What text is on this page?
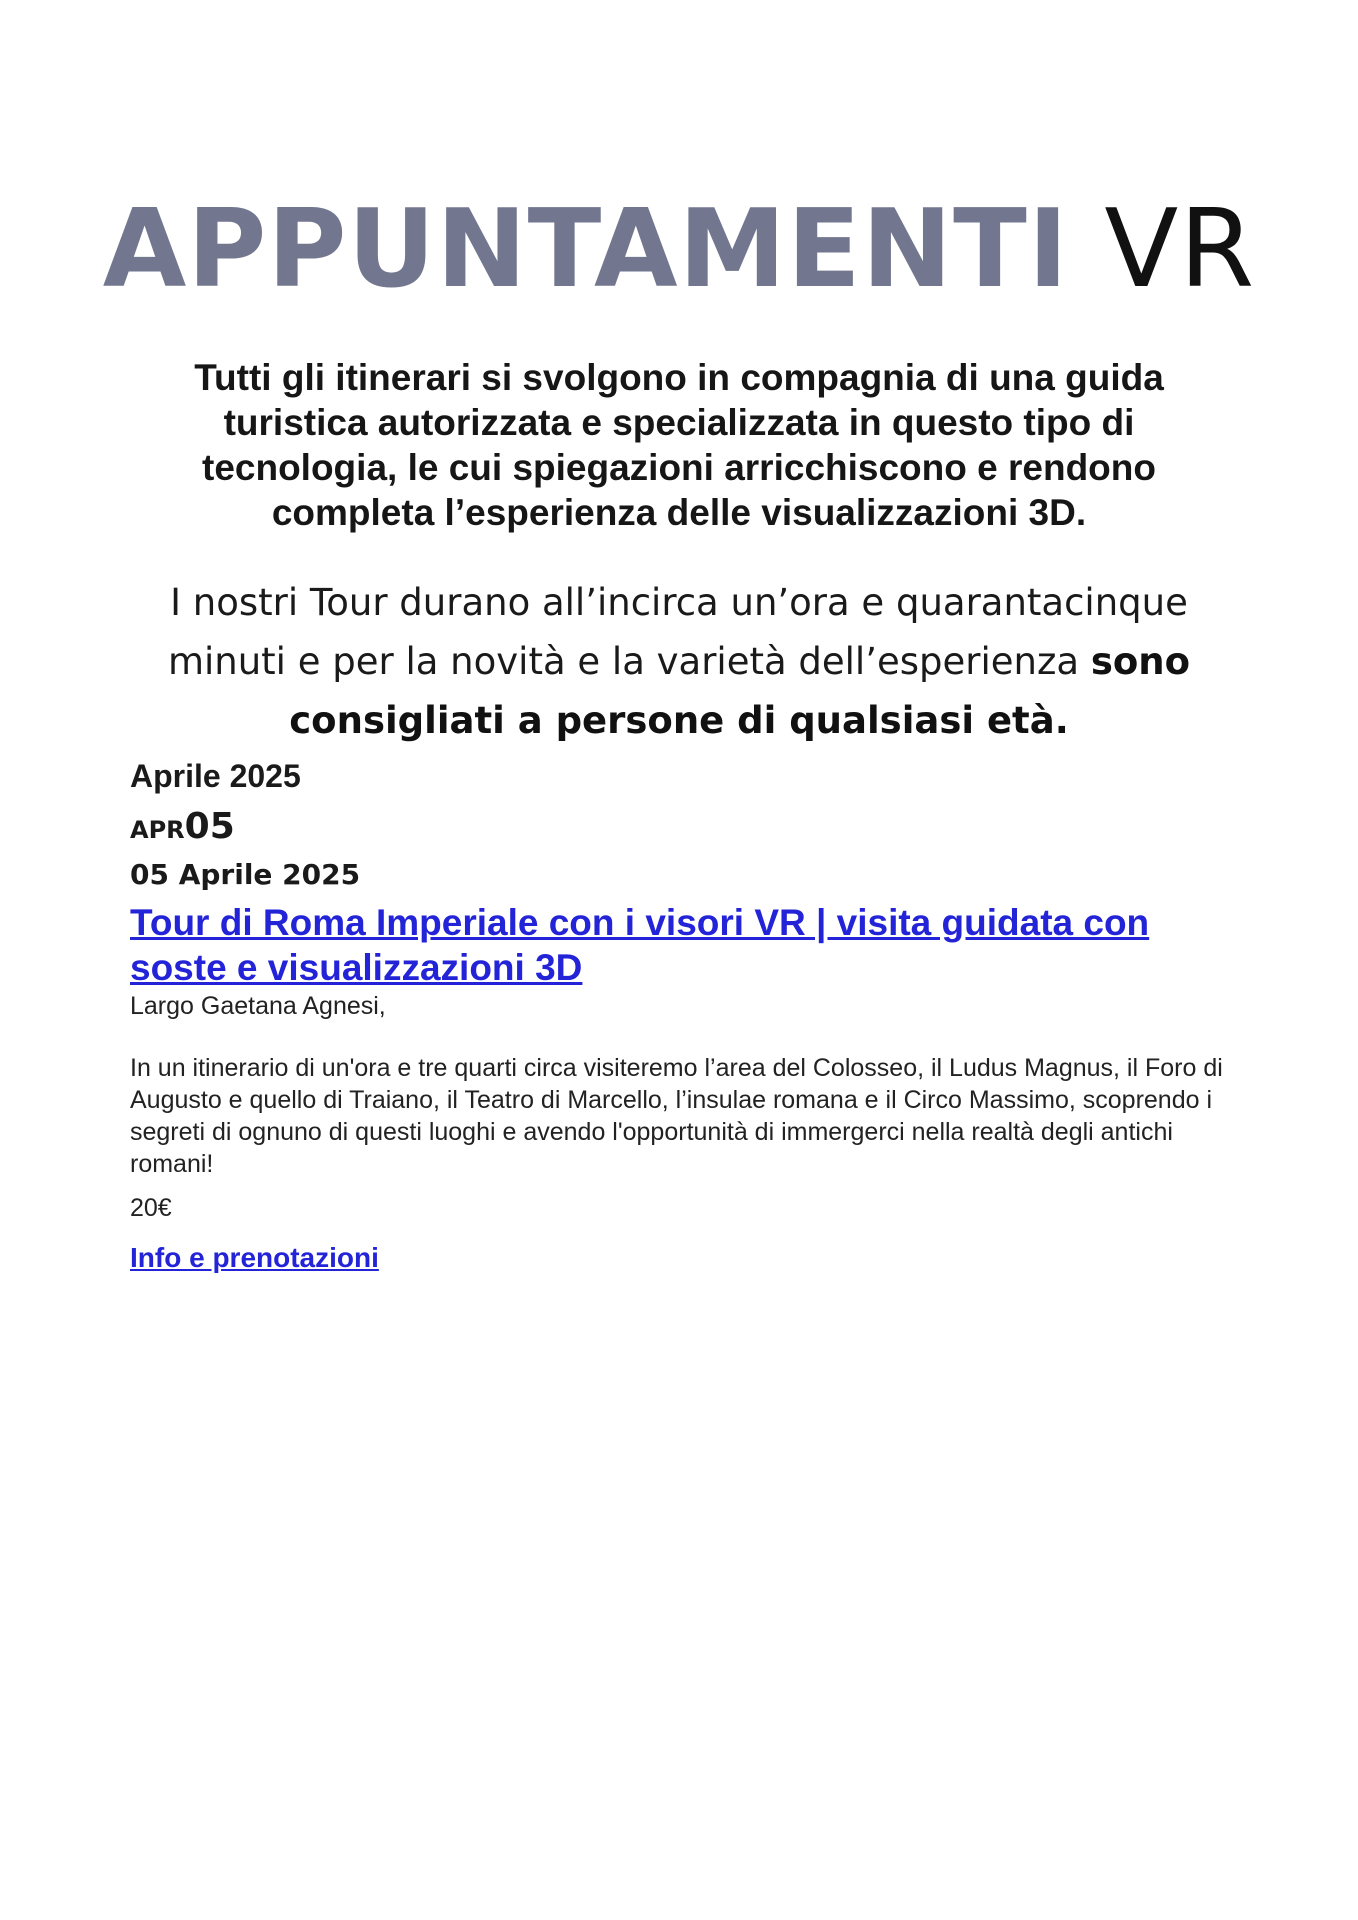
APPUNTAMENTI VR
Tutti gli itinerari si svolgono in compagnia di una guida turistica autorizzata e specializzata in questo tipo di tecnologia, le cui spiegazioni arricchiscono e rendono completa l’esperienza delle visualizzazioni 3D.
I nostri Tour durano all’incirca un’ora e quarantacinque minuti e per la novità e la varietà dell’esperienza sono consigliati a persone di qualsiasi età.
Aprile 2025
APR05
05 Aprile 2025
Tour di Roma Imperiale con i visori VR | visita guidata con soste e visualizzazioni 3D
Largo Gaetana Agnesi,
In un itinerario di un'ora e tre quarti circa visiteremo l’area del Colosseo, il Ludus Magnus, il Foro di Augusto e quello di Traiano, il Teatro di Marcello, l’insulae romana e il Circo Massimo, scoprendo i segreti di ognuno di questi luoghi e avendo l'opportunità di immergerci nella realtà degli antichi romani!
20€
Info e prenotazioni
